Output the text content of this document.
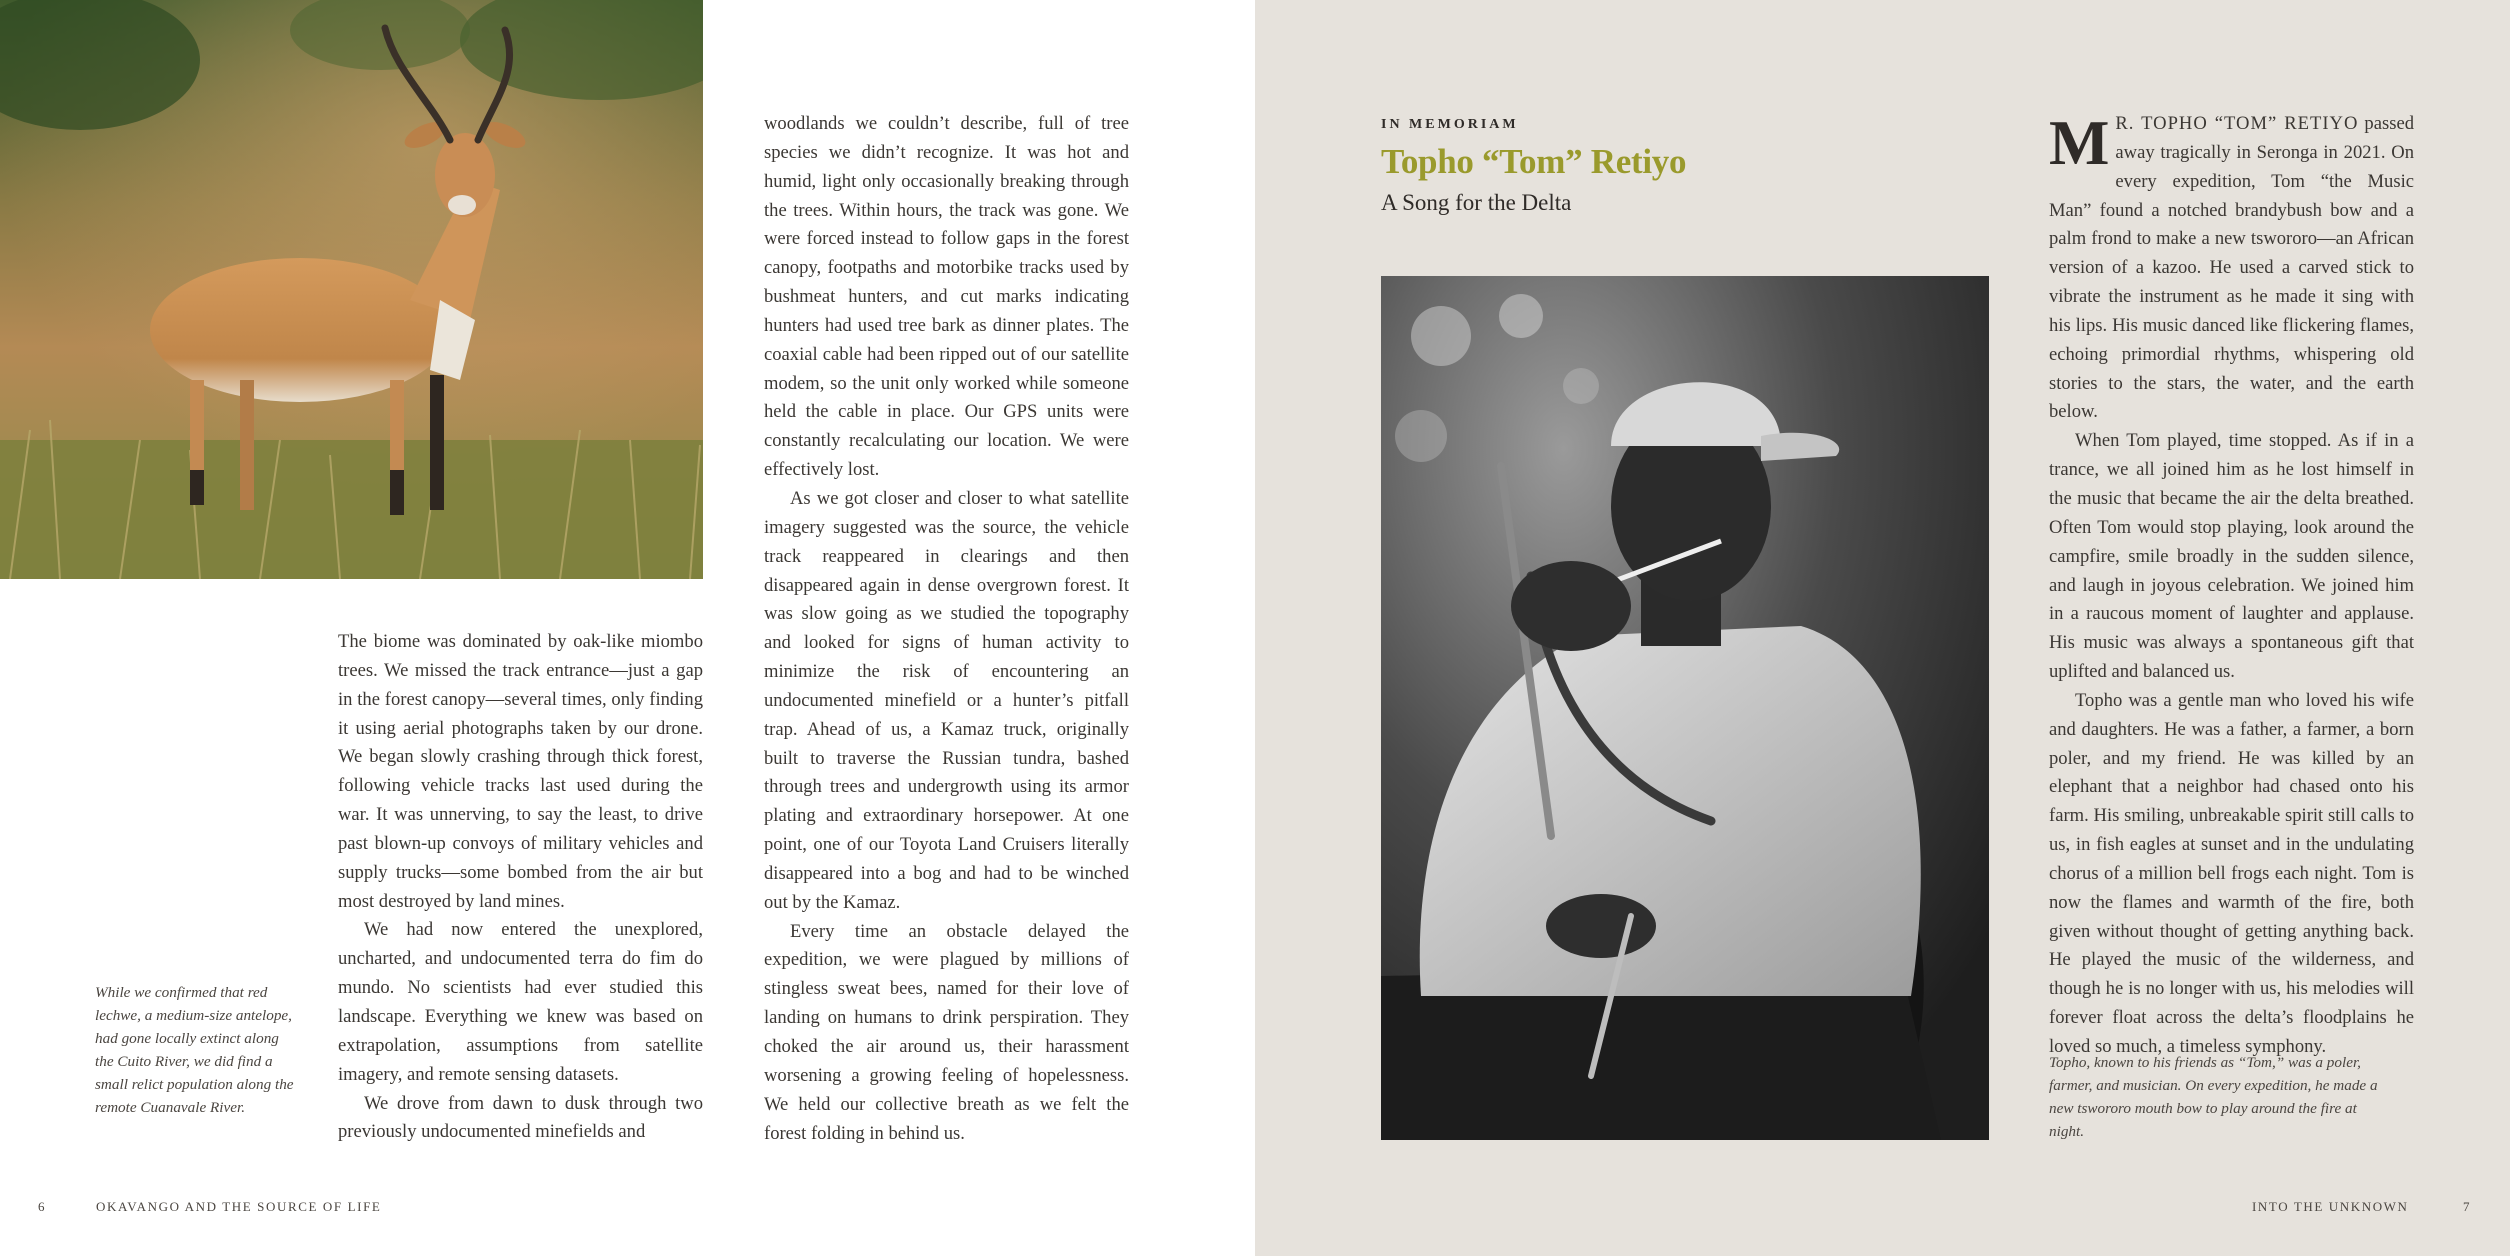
The biome was dominated by oak-like miombo trees. We missed the track entrance—just a gap in the forest canopy—several times, only finding it using aerial photographs taken by our drone. We began slowly crashing through thick forest, following vehicle tracks last used during the war. It was unnerving, to say the least, to drive past blown-up convoys of military vehicles and supply trucks—some bombed from the air but most destroyed by land mines.

We had now entered the unexplored, uncharted, and undocumented terra do fim do mundo. No scientists had ever studied this landscape. Everything we knew was based on extrapolation, assumptions from satellite imagery, and remote sensing datasets.

We drove from dawn to dusk through two previously undocumented minefields and

woodlands we couldn’t describe, full of tree species we didn’t recognize. It was hot and humid, light only occasionally breaking through the trees. Within hours, the track was gone. We were forced instead to follow gaps in the forest canopy, footpaths and motorbike tracks used by bushmeat hunters, and cut marks indicating hunters had used tree bark as dinner plates. The coaxial cable had been ripped out of our satellite modem, so the unit only worked while someone held the cable in place. Our GPS units were constantly recalculating our location. We were effectively lost.

As we got closer and closer to what satellite imagery suggested was the source, the vehicle track reappeared in clearings and then disappeared again in dense overgrown forest. It was slow going as we studied the topography and looked for signs of human activity to minimize the risk of encountering an undocumented minefield or a hunter’s pitfall trap. Ahead of us, a Kamaz truck, originally built to traverse the Russian tundra, bashed through trees and undergrowth using its armor plating and extraordinary horsepower. At one point, one of our Toyota Land Cruisers literally disappeared into a bog and had to be winched out by the Kamaz.

Every time an obstacle delayed the expedition, we were plagued by millions of stingless sweat bees, named for their love of landing on humans to drink perspiration. They choked the air around us, their harassment worsening a growing feeling of hopelessness. We held our collective breath as we felt the forest folding in behind us.

While we confirmed that red lechwe, a medium-size antelope, had gone locally extinct along the Cuito River, we did find a small relict population along the remote Cuanavale River.
6	OKAVANGO AND THE SOURCE OF LIFE
IN MEMORIAM
Topho “Tom” Retiyo
A Song for the Delta

M R. TOPHO “TOM” RETIYO passed away tragically in Seronga in 2021. On every expedition, Tom “the Music Man” found a notched brandybush bow and a palm frond to make a new tswororo—an African version of a kazoo. He used a carved stick to vibrate the instrument as he made it sing with his lips. His music danced like flickering flames, echoing primordial rhythms, whispering old stories to the stars, the water, and the earth below.

When Tom played, time stopped. As if in a trance, we all joined him as he lost himself in the music that became the air the delta breathed. Often Tom would stop playing, look around the campfire, smile broadly in the sudden silence, and laugh in joyous celebration. We joined him in a raucous moment of laughter and applause. His music was always a spontaneous gift that uplifted and balanced us.

Topho was a gentle man who loved his wife and daughters. He was a father, a farmer, a born poler, and my friend. He was killed by an elephant that a neighbor had chased onto his farm. His smiling, unbreakable spirit still calls to us, in fish eagles at sunset and in the undulating chorus of a million bell frogs each night. Tom is now the flames and warmth of the fire, both given without thought of getting anything back. He played the music of the wilderness, and though he is no longer with us, his melodies will forever float across the delta’s floodplains he loved so much, a timeless symphony.

Topho, known to his friends as “Tom,” was a poler, farmer, and musician. On every expedition, he made a new tswororo mouth bow to play around the fire at night.
INTO THE UNKNOWN	7
